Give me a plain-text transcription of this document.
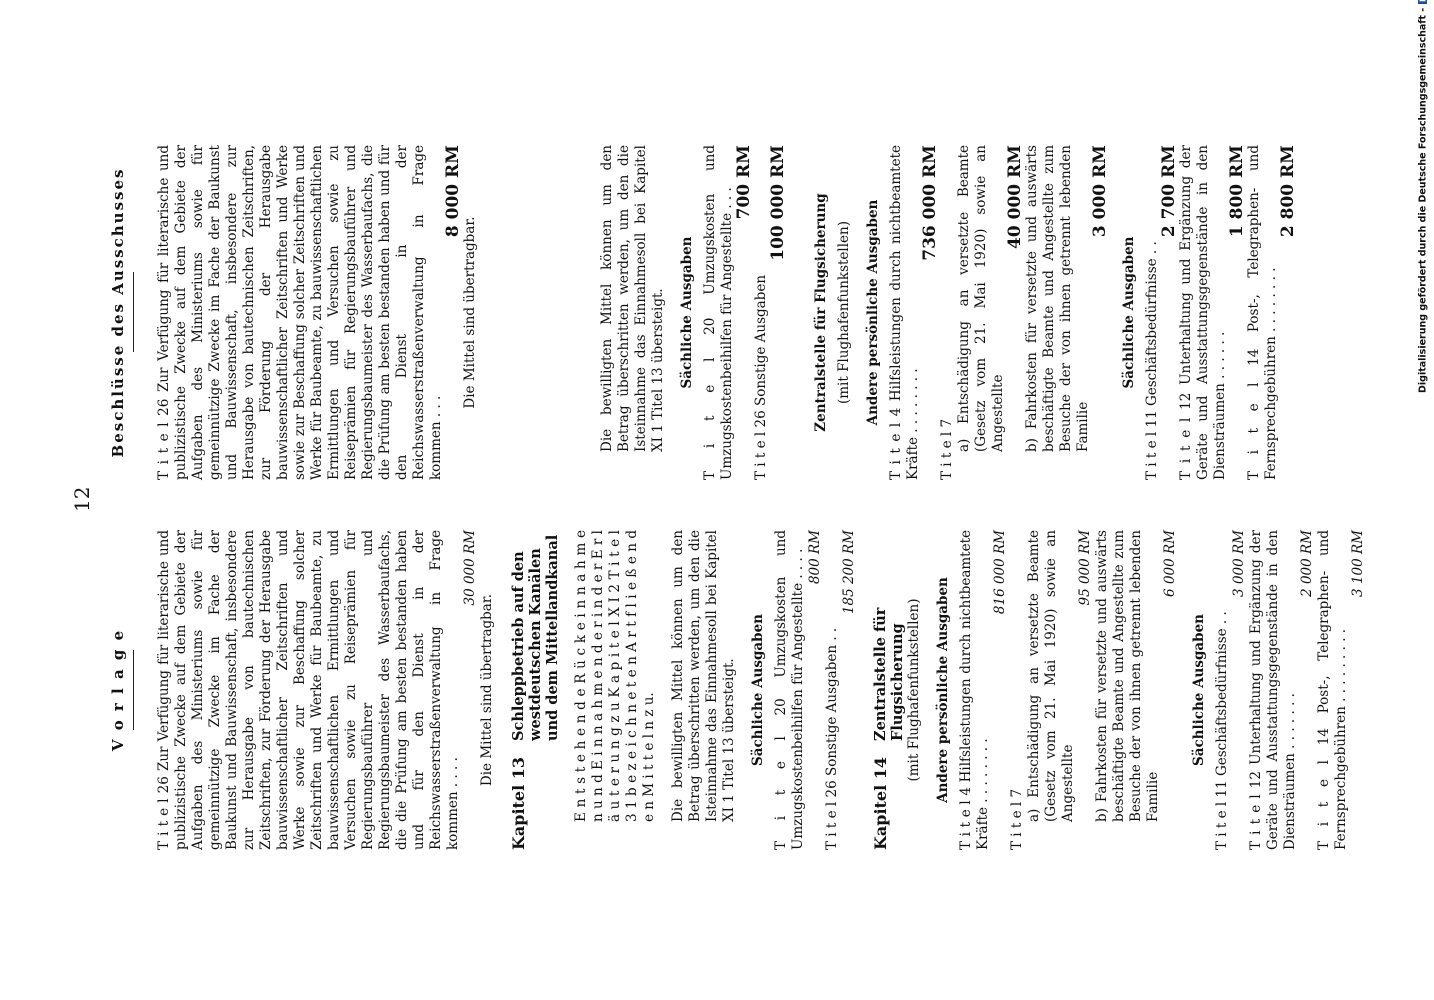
12
V o r l a g e T i t e l 26 Zur Verfügung für literarische und publizistische Zwecke auf dem Gebiete der Aufgaben des Ministeriums sowie für gemeinnützige Zwecke im Fache der Baukunst und Bauwissenschaft, insbesondere zur Herausgabe von bautechnischen Zeitschriften, zur Förderung der Herausgabe bauwissenschaftlicher Zeitschriften und Werke sowie zur Beschaffung solcher Zeitschriften und Werke für Baubeamte, zu bauwissenschaftlichen Ermittlungen und Versuchen sowie zu Reiseprämien für Regierungsbauführer und Regierungsbaumeister des Wasserbaufachs, die die Prüfung am besten bestanden haben und für den Dienst in der Reichswasserstraßenverwaltung in Frage kommen . . . .
30 000 RM
Die Mittel sind übertragbar.
Kapitel 13
Schleppbetrieb auf den westdeutschen Kanälen und dem Mittellandkanal E n t s t e h e n d e R ü c k e i n n a h m e n u n d E i n n a h m e n d e r i n d e r E r l ä u t e r u n g z u K a p i t e l X I 2 T i t e l 3 1 b e z e i c h n e t e n A r t f l i e ß e n d e n M i t t e l n z u. Die bewilligten Mittel können um den Betrag überschritten werden, um den die Isteinnahme das Einnahmesoll bei Kapitel XI 1 Titel 13 übersteigt. Sächliche Ausgaben T i t e l 20 Umzugskosten und Umzugskostenbeihilfen für Angestellte . . . . 800 RM
T i t e l 26 Sonstige Ausgaben . .
185 200 RM
Kapitel 14
Zentralstelle für Flugsicherung (mit Flughafenfunkstellen) Andere persönliche Ausgaben T i t e l 4 Hilfsleistungen durch nichtbeamtete Kräfte . . . . . . . .
816 000 RM
T i t e l 7 a) Entschädigung an versetzte Beamte (Gesetz vom 21. Mai 1920) sowie an Angestellte
95 000 RM b) Fahrkosten für versetzte und auswärts beschäftigte Beamte und Angestellte zum Besuche der von ihnen getrennt lebenden Familie
6 000 RM
Sächliche Ausgaben T i t e l 11 Geschäftsbedürfnisse . .
3 000 RM T i t e l 12 Unterhaltung und Ergänzung der Geräte und Ausstattungsgegenstände in den Diensträumen . . . . . . .
2 000 RM T i t e l 14 Post-, Telegraphen- und Fernsprechgebühren . . . . . . . . .
3 100 RM
Beschlüsse des Ausschusses T i t e l 26 Zur Verfügung für literarische und publizistische Zwecke auf dem Gebiete der Aufgaben des Ministeriums sowie für gemeinnützige Zwecke im Fache der Baukunst und Bauwissenschaft, insbesondere zur Herausgabe von bautechnischen Zeitschriften, zur Förderung der Herausgabe bauwissenschaftlicher Zeitschriften und Werke sowie zur Beschaffung solcher Zeitschriften und Werke für Baubeamte, zu bauwissenschaftlichen Ermittlungen und Versuchen sowie zu Reiseprämien für Regierungsbauführer und Regierungsbaumeister des Wasserbaufachs, die die Prüfung am besten bestanden haben und für den Dienst in der Reichswasserstraßenverwaltung in Frage kommen . . .
8 000 RM
Die Mittel sind übertragbar.	Die bewilligten Mittel können um den Betrag überschritten werden, um den die Isteinnahme das Einnahmesoll bei Kapitel XI 1 Titel 13 übersteigt. Sächliche Ausgaben T i t e l 20 Umzugskosten und Umzugskostenbeihilfen für Angestellte . . .
700 RM
T i t e l 26 Sonstige Ausgaben
100 000 RM Zentralstelle für Flugsicherung (mit Flughafenfunkstellen) Andere persönliche Ausgaben T i t e l 4 Hilfsleistungen durch nichtbeamtete Kräfte . . . . . . . .
736 000 RM
T i t e l 7 a) Entschädigung an versetzte Beamte (Gesetz vom 21. Mai 1920) sowie an Angestellte
40 000 RM b) Fahrkosten für versetzte und auswärts beschäftigte Beamte und Angestellte zum Besuche der von ihnen getrennt lebenden Familie
3 000 RM
Sächliche Ausgaben T i t e l 11 Geschäftsbedürfnisse . .
2 700 RM T i t e l 12 Unterhaltung und Ergänzung der Geräte und Ausstattungsgegenstände in den Diensträumen . . . . . .
1 800 RM T i t e l 14 Post-, Telegraphen- und Fernsprechgebühren . . . . . . . .
2 800 RM	Digitalisierung gefördert durch die Deutsche Forschungsgemeinschaft -
